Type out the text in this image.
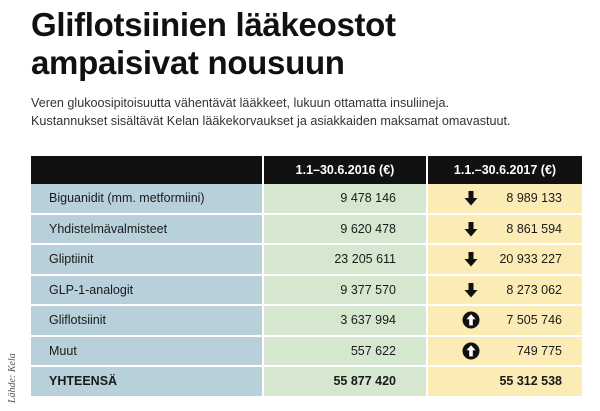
Gliflotsiinien lääkeostot
ampaisivat nousuun
Veren glukoosipitoisuutta vähentävät lääkkeet, lukuun ottamatta insuliineja.
Kustannukset sisältävät Kelan lääkekorvaukset ja asiakkaiden maksamat omavastuut.
Lähde: Kela
	1.1–30.6.2016 (€)	1.1.–30.6.2017 (€)
Biguanidit (mm. metformiini)	9 478 146	8 989 133

Yhdistelmävalmisteet	9 620 478	8 861 594

Gliptiinit	23 205 611	20 933 227

GLP-1-analogit	9 377 570	8 273 062

Gliflotsiinit	3 637 994	7 505 746

Muut	557 622	749 775

YHTEENSÄ	55 877 420	55 312 538
